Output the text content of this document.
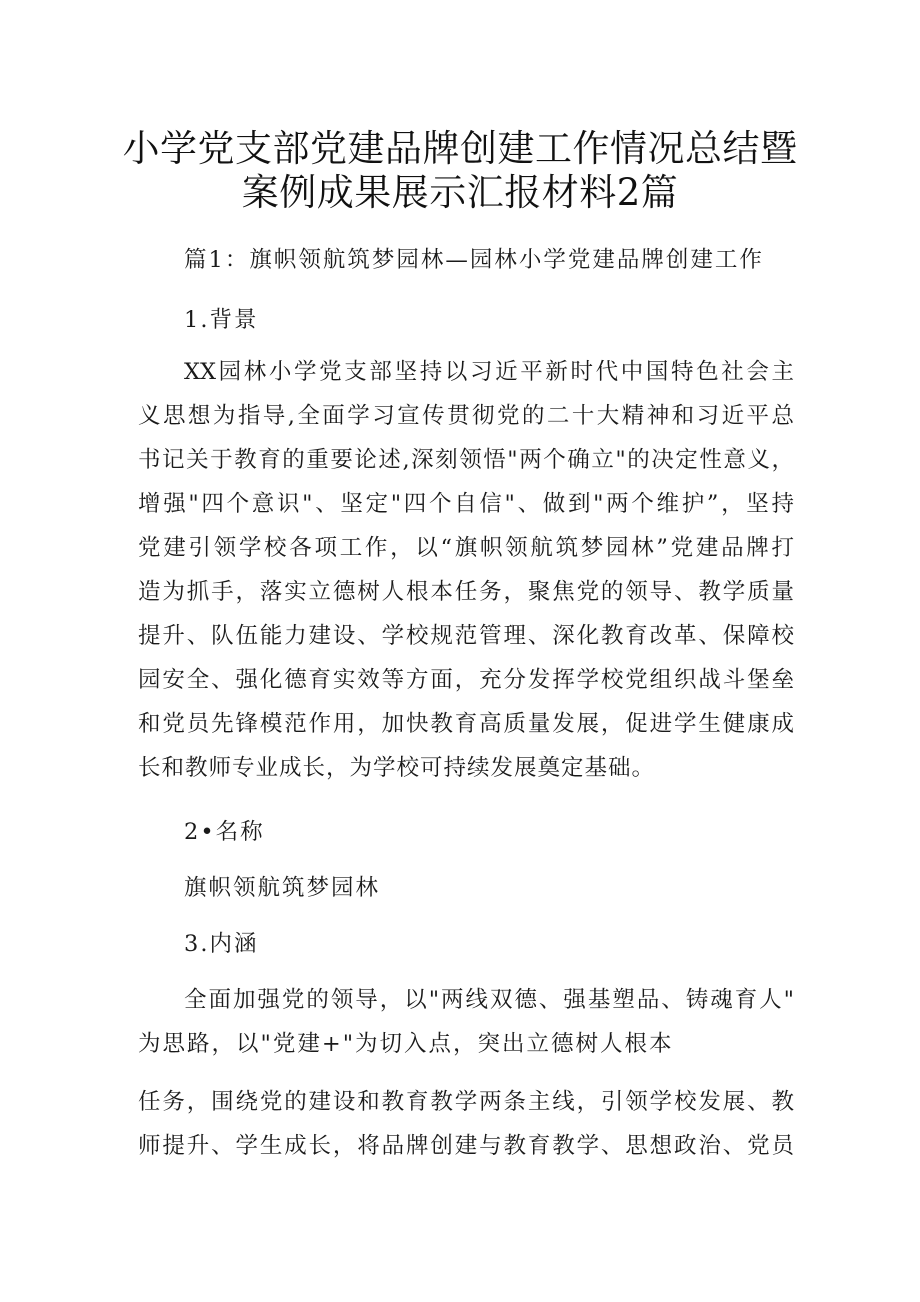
小学党支部党建品牌创建工作情况总结暨
案例成果展示汇报材料2篇
篇1：旗帜领航筑梦园林—园林小学党建品牌创建工作
1.背景
XX园林小学党支部坚持以习近平新时代中国特色社会主
义思想为指导,全面学习宣传贯彻党的二十大精神和习近平总
书记关于教育的重要论述,深刻领悟"两个确立"的决定性意义，
增强"四个意识"、坚定"四个自信"、做到"两个维护”，坚持
党建引领学校各项工作，以“旗帜领航筑梦园林”党建品牌打
造为抓手，落实立德树人根本任务，聚焦党的领导、教学质量
提升、队伍能力建设、学校规范管理、深化教育改革、保障校
园安全、强化德育实效等方面，充分发挥学校党组织战斗堡垒
和党员先锋模范作用，加快教育高质量发展，促进学生健康成
长和教师专业成长，为学校可持续发展奠定基础。
2•名称
旗帜领航筑梦园林
3.内涵
全面加强党的领导，以"两线双德、强基塑品、铸魂育人"
为思路，以"党建+"为切入点，突出立德树人根本
任务，围绕党的建设和教育教学两条主线，引领学校发展、教
师提升、学生成长，将品牌创建与教育教学、思想政治、党员
